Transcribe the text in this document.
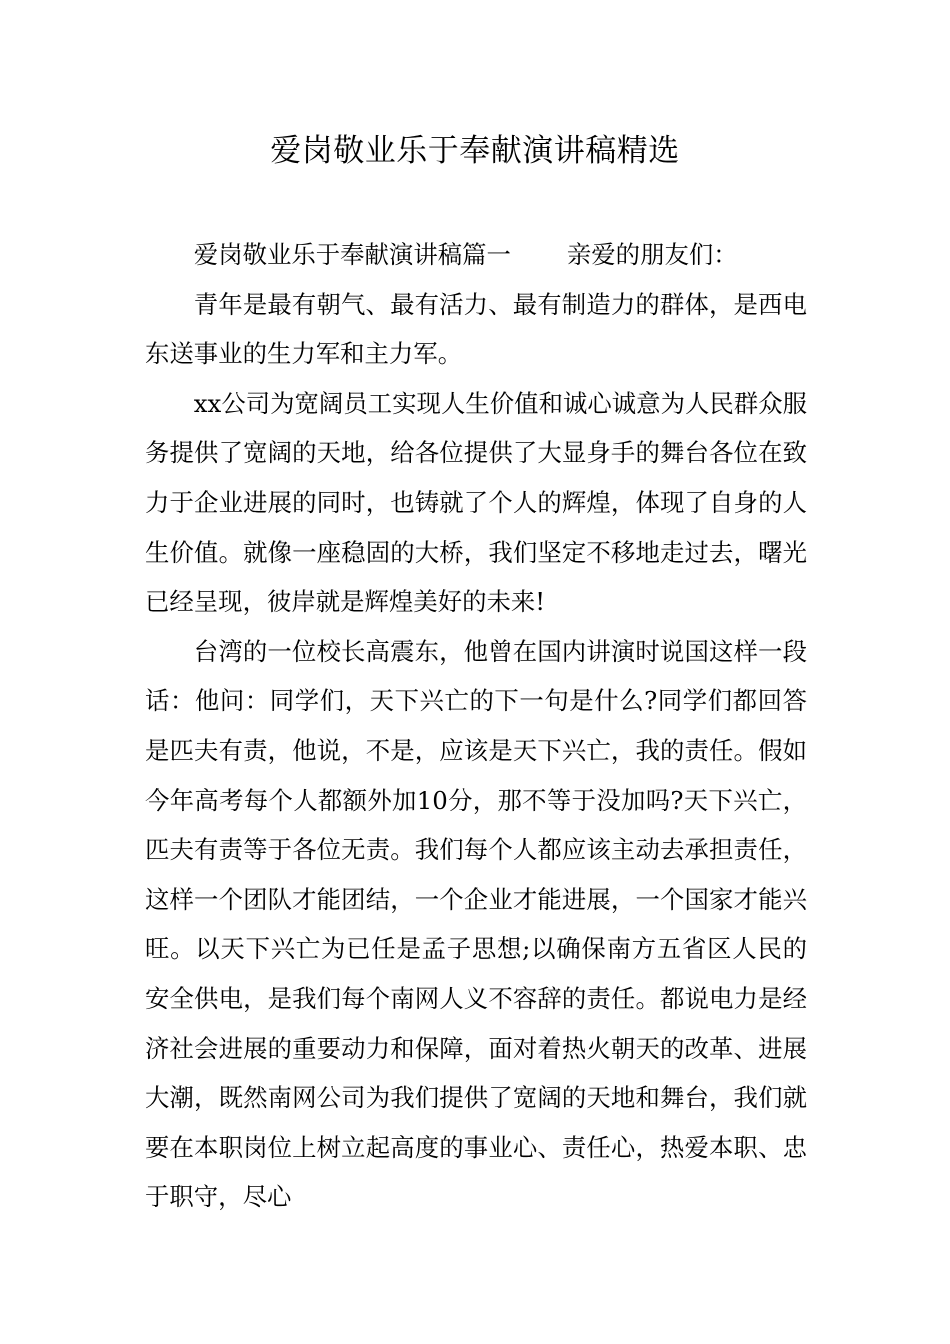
爱岗敬业乐于奉献演讲稿精选

爱岗敬业乐于奉献演讲稿篇一 亲爱的朋友们：

青年是最有朝气、最有活力、最有制造力的群体，是西电东送事业的生力军和主力军。

xx公司为宽阔员工实现人生价值和诚心诚意为人民群众服务提供了宽阔的天地，给各位提供了大显身手的舞台各位在致力于企业进展的同时，也铸就了个人的辉煌，体现了自身的人生价值。就像一座稳固的大桥，我们坚定不移地走过去，曙光已经呈现，彼岸就是辉煌美好的未来!

台湾的一位校长高震东，他曾在国内讲演时说国这样一段话：他问：同学们，天下兴亡的下一句是什么?同学们都回答是匹夫有责，他说，不是，应该是天下兴亡，我的责任。假如今年高考每个人都额外加10分，那不等于没加吗?天下兴亡，匹夫有责等于各位无责。我们每个人都应该主动去承担责任，这样一个团队才能团结，一个企业才能进展，一个国家才能兴旺。以天下兴亡为已任是孟子思想;以确保南方五省区人民的安全供电，是我们每个南网人义不容辞的责任。都说电力是经济社会进展的重要动力和保障，面对着热火朝天的改革、进展大潮，既然南网公司为我们提供了宽阔的天地和舞台，我们就要在本职岗位上树立起高度的事业心、责任心，热爱本职、忠于职守，尽心
